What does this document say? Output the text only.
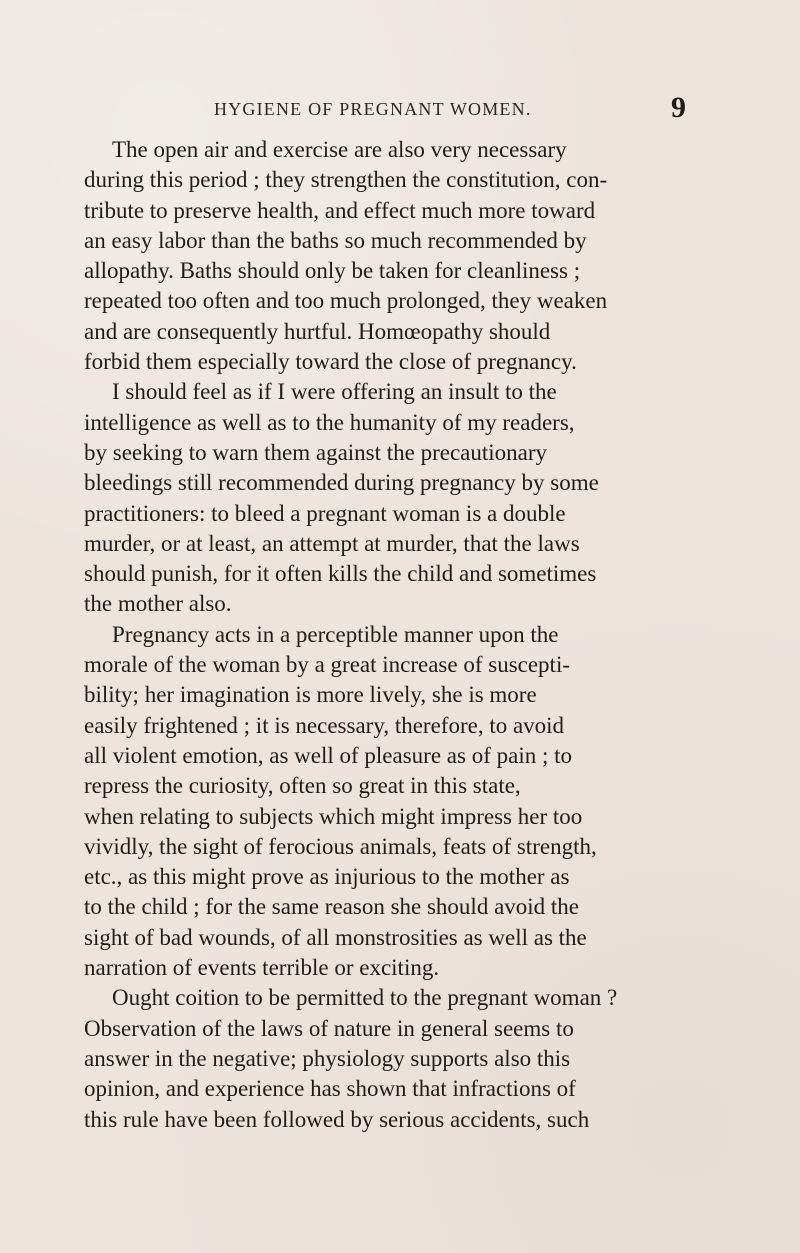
HYGIENE OF PREGNANT WOMEN.	9
The open air and exercise are also very necessary
during this period ; they strengthen the constitution, con-
tribute to preserve health, and effect much more toward
an easy labor than the baths so much recommended by
allopathy. Baths should only be taken for cleanliness ;
repeated too often and too much prolonged, they weaken
and are consequently hurtful. Homœopathy should
forbid them especially toward the close of pregnancy.
I should feel as if I were offering an insult to the
intelligence as well as to the humanity of my readers,
by seeking to warn them against the precautionary
bleedings still recommended during pregnancy by some
practitioners: to bleed a pregnant woman is a double
murder, or at least, an attempt at murder, that the laws
should punish, for it often kills the child and sometimes
the mother also.
Pregnancy acts in a perceptible manner upon the
morale of the woman by a great increase of suscepti-
bility; her imagination is more lively, she is more
easily frightened ; it is necessary, therefore, to avoid
all violent emotion, as well of pleasure as of pain ; to
repress the curiosity, often so great in this state,
when relating to subjects which might impress her too
vividly, the sight of ferocious animals, feats of strength,
etc., as this might prove as injurious to the mother as
to the child ; for the same reason she should avoid the
sight of bad wounds, of all monstrosities as well as the
narration of events terrible or exciting.
Ought coition to be permitted to the pregnant woman ?
Observation of the laws of nature in general seems to
answer in the negative; physiology supports also this
opinion, and experience has shown that infractions of
this rule have been followed by serious accidents, such
